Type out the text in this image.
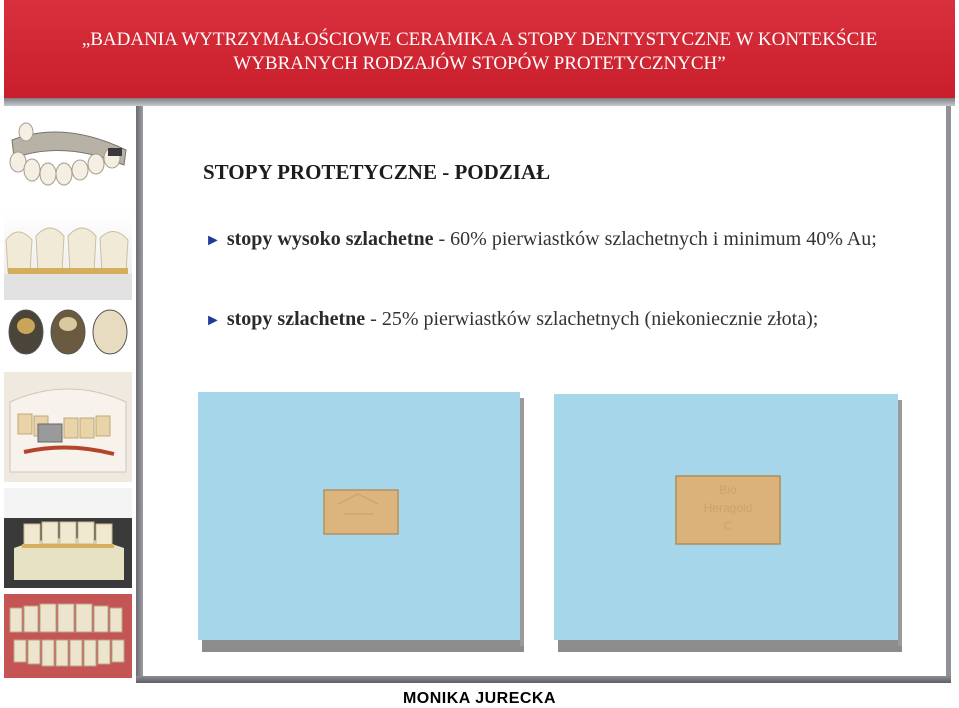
„BADANIA WYTRZYMAŁOŚCIOWE CERAMIKA A STOPY DENTYSTYCZNE W KONTEKŚCIE
WYBRANYCH RODZAJÓW STOPÓW PROTETYCZNYCH”
STOPY PROTETYCZNE - PODZIAŁ
► stopy wysoko szlachetne - 60% pierwiastków szlachetnych i minimum 40% Au;
► stopy szlachetne - 25% pierwiastków szlachetnych (niekoniecznie złota);
Bio
Heragold
C
MONIKA JURECKA
